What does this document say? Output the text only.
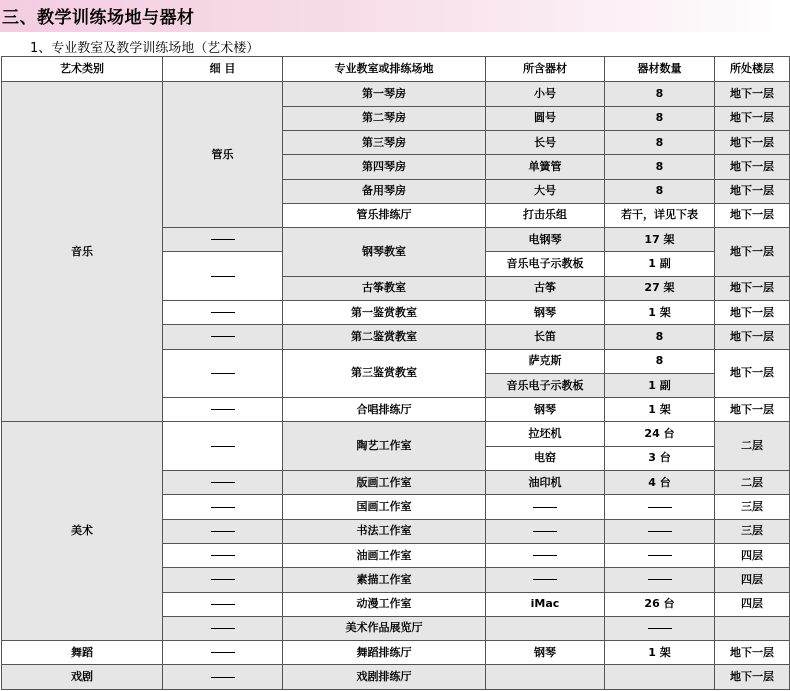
三、教学训练场地与器材
1、专业教室及教学训练场地（艺术楼）
艺术类别	细 目	专业教室或排练场地	所含器材	器材数量	所处楼层
音乐	管乐	第一琴房	小号	8	地下一层
		第二琴房	圆号	8	地下一层
		第三琴房	长号	8	地下一层
		第四琴房	单簧管	8	地下一层
		备用琴房	大号	8	地下一层
		管乐排练厅	打击乐组	若干，详见下表	地下一层
		钢琴教室	电钢琴	17 架	地下一层
			音乐电子示教板	1 副	
		古筝教室	古筝	27 架	地下一层
		第一鉴赏教室	钢琴	1 架	地下一层
		第二鉴赏教室	长笛	8	地下一层
		第三鉴赏教室	萨克斯	8	地下一层
			音乐电子示教板	1 副	
		合唱排练厅	钢琴	1 架	地下一层
美术		陶艺工作室	拉坯机	24 台	二层
			电窑	3 台	
		版画工作室	油印机	4 台	二层
		国画工作室			三层
		书法工作室			三层
		油画工作室			四层
		素描工作室			四层
		动漫工作室	iMac	26 台	四层
		美术作品展览厅			
舞蹈		舞蹈排练厅	钢琴	1 架	地下一层
戏剧		戏剧排练厅			地下一层
